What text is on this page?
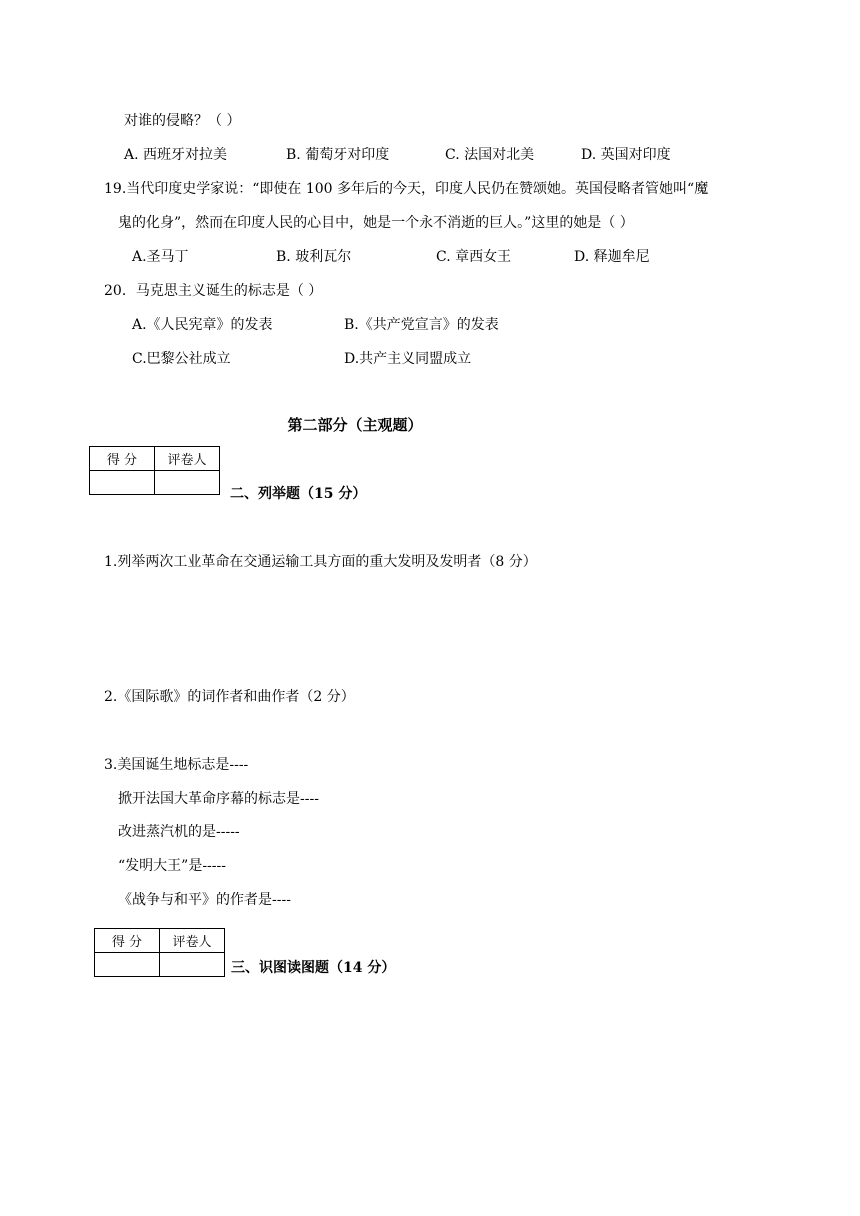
对谁的侵略？（ ）
A. 西班牙对拉美	B. 葡萄牙对印度	C. 法国对北美	D. 英国对印度
19.当代印度史学家说：“即使在 100 多年后的今天，印度人民仍在赞颂她。英国侵略者管她叫“魔
鬼的化身”，然而在印度人民的心目中，她是一个永不消逝的巨人。”这里的她是（ ）
A.圣马丁	B. 玻利瓦尔	C. 章西女王	D. 释迦牟尼
20．马克思主义诞生的标志是（ ）
A.《人民宪章》的发表	B.《共产党宣言》的发表
C.巴黎公社成立	D.共产主义同盟成立
第二部分（主观题）
得 分	评卷人

二、列举题（15 分）
1.列举两次工业革命在交通运输工具方面的重大发明及发明者（8 分）
2.《国际歌》的词作者和曲作者（2 分）
3.美国诞生地标志是----
掀开法国大革命序幕的标志是----
改进蒸汽机的是-----
“发明大王”是-----
《战争与和平》的作者是----
得 分	评卷人

三、识图读图题（14 分）
